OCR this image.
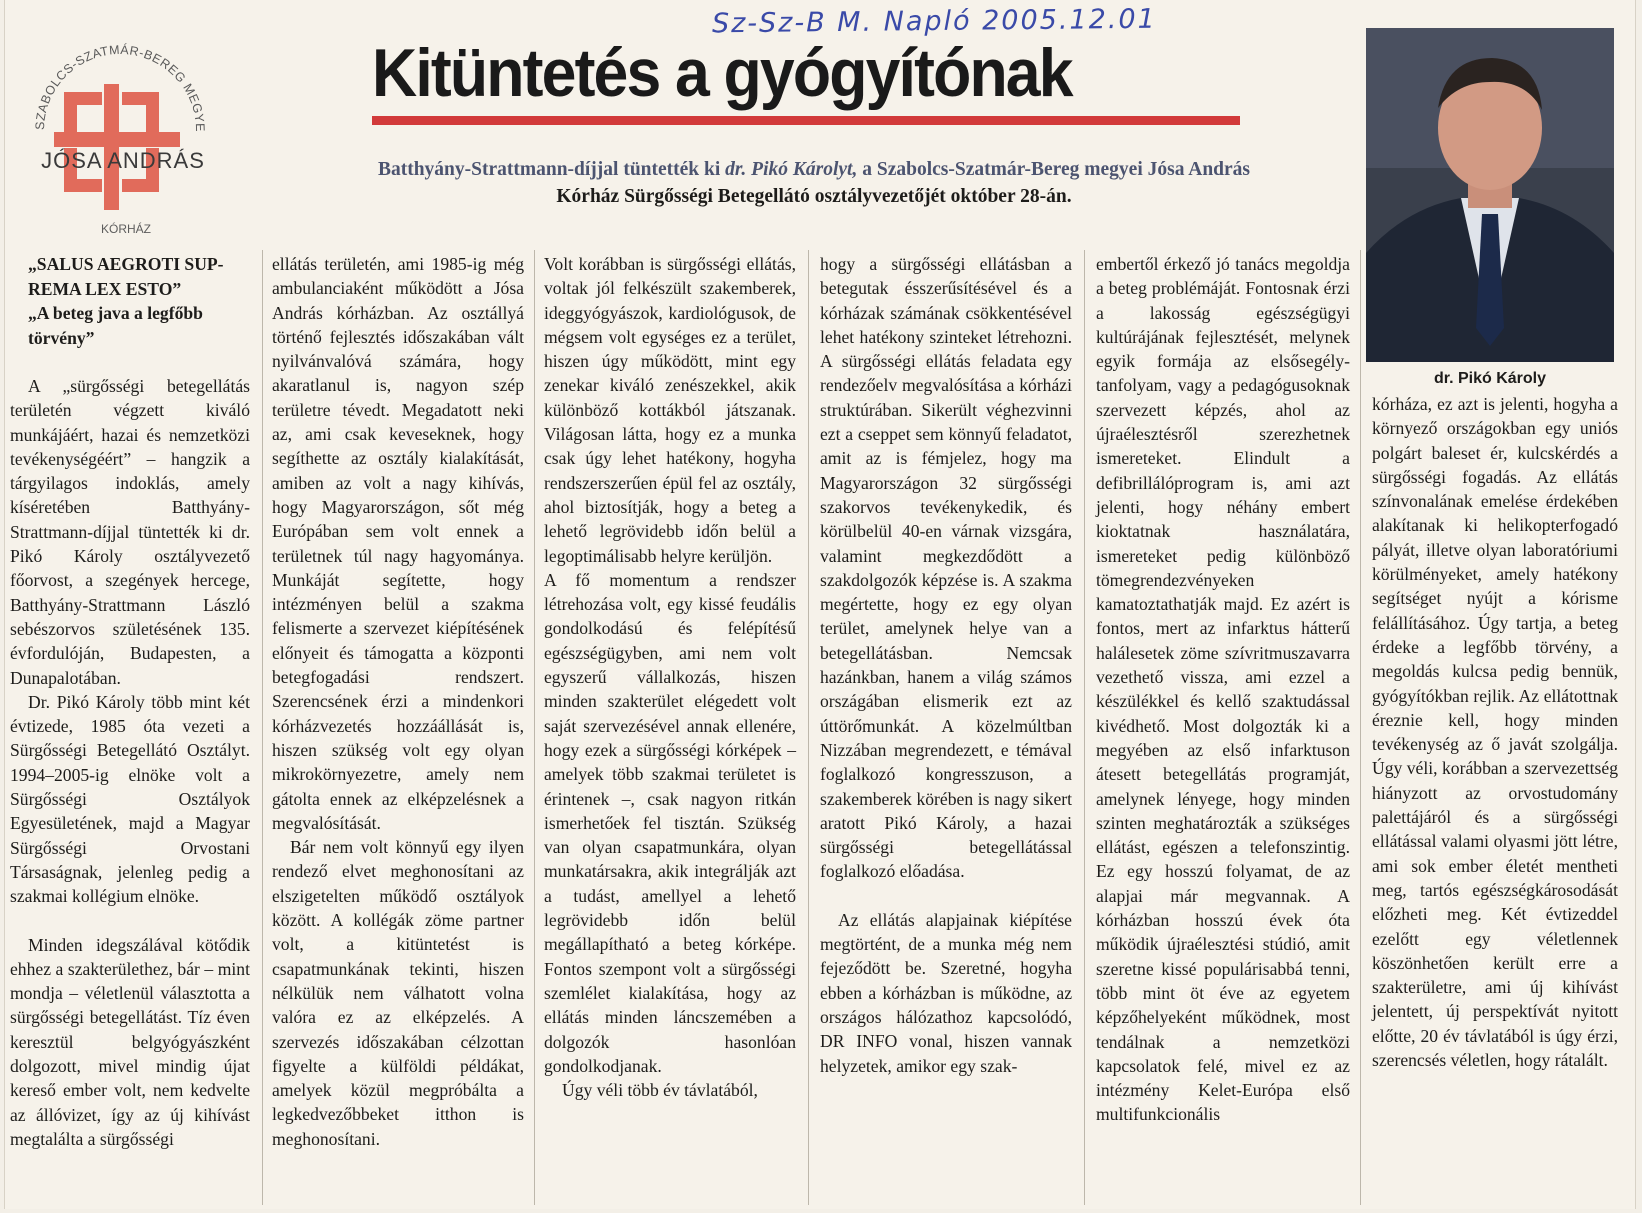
Sz-Sz-B M. Napló 2005.12.01
SZABOLCS-SZATMÁR-BEREG MEGYE
JÓSA ANDRÁS
KÓRHÁZ
Kitüntetés a gyógyítónak
Batthyány-Strattmann-díjjal tüntették ki dr. Pikó Károlyt, a Szabolcs-Szatmár-Bereg megyei Jósa András
Kórház Sürgősségi Betegellátó osztályvezetőjét október 28-án.
dr. Pikó Károly
„SALUS AEGROTI SUP-
REMA LEX ESTO”
„A beteg java a legfőbb
törvény”

A „sürgősségi betegellátás területén végzett kiváló munkájáért, hazai és nemzetközi tevékenységéért” – hangzik a tárgyilagos indoklás, amely kíséretében Batthyány-Strattmann-díjjal tüntették ki dr. Pikó Károly osztályvezető főorvost, a szegények hercege, Batthyány-Strattmann László sebészorvos születésének 135. évfordulóján, Budapesten, a Dunapalotában.

Dr. Pikó Károly több mint két évtizede, 1985 óta vezeti a Sürgősségi Betegellátó Osztályt. 1994–2005-ig elnöke volt a Sürgősségi Osztályok Egyesületének, majd a Magyar Sürgősségi Orvostani Társaságnak, jelenleg pedig a szakmai kollégium elnöke.

Minden idegszálával kötődik ehhez a szakterülethez, bár – mint mondja – véletlenül választotta a sürgősségi betegellátást. Tíz éven keresztül belgyógyászként dolgozott, mivel mindig újat kereső ember volt, nem kedvelte az állóvizet, így az új kihívást megtalálta a sürgősségi

ellátás területén, ami 1985-ig még ambulanciaként működött a Jósa András kórházban. Az osztállyá történő fejlesztés időszakában vált nyilvánvalóvá számára, hogy akaratlanul is, nagyon szép területre tévedt. Megadatott neki az, ami csak keveseknek, hogy segíthette az osztály kialakítását, amiben az volt a nagy kihívás, hogy Magyarországon, sőt még Európában sem volt ennek a területnek túl nagy hagyománya. Munkáját segítette, hogy intézményen belül a szakma felismerte a szervezet kiépítésének előnyeit és támogatta a központi betegfogadási rendszert. Szerencsének érzi a mindenkori kórházvezetés hozzáállását is, hiszen szükség volt egy olyan mikrokörnyezetre, amely nem gátolta ennek az elképzelésnek a megvalósítását.

Bár nem volt könnyű egy ilyen rendező elvet meghonosítani az elszigetelten működő osztályok között. A kollégák zöme partner volt, a kitüntetést is csapatmunkának tekinti, hiszen nélkülük nem válhatott volna valóra ez az elképzelés. A szervezés időszakában célzottan figyelte a külföldi példákat, amelyek közül megpróbálta a legkedvezőbbeket itthon is meghonosítani.

Volt korábban is sürgősségi ellátás, voltak jól felkészült szakemberek, ideggyógyászok, kardiológusok, de mégsem volt egységes ez a terület, hiszen úgy működött, mint egy zenekar kiváló zenészekkel, akik különböző kottákból játszanak. Világosan látta, hogy ez a munka csak úgy lehet hatékony, hogyha rendszerszerűen épül fel az osztály, ahol biztosítják, hogy a beteg a lehető legrövidebb időn belül a legoptimálisabb helyre kerüljön.

A fő momentum a rendszer létrehozása volt, egy kissé feudális gondolkodású és felépítésű egészségügyben, ami nem volt egyszerű vállalkozás, hiszen minden szakterület elégedett volt saját szervezésével annak ellenére, hogy ezek a sürgősségi kórképek – amelyek több szakmai területet is érintenek –, csak nagyon ritkán ismerhetőek fel tisztán. Szükség van olyan csapatmunkára, olyan munkatársakra, akik integrálják azt a tudást, amellyel a lehető legrövidebb időn belül megállapítható a beteg kórképe. Fontos szempont volt a sürgősségi szemlélet kialakítása, hogy az ellátás minden láncszemében a dolgozók hasonlóan gondolkodjanak.

Úgy véli több év távlatából,

hogy a sürgősségi ellátásban a betegutak ésszerűsítésével és a kórházak számának csökkentésével lehet hatékony szinteket létrehozni. A sürgősségi ellátás feladata egy rendezőelv megvalósítása a kórházi struktúrában. Sikerült véghezvinni ezt a cseppet sem könnyű feladatot, amit az is fémjelez, hogy ma Magyarországon 32 sürgősségi szakorvos tevékenykedik, és körülbelül 40-en várnak vizsgára, valamint megkezdődött a szakdolgozók képzése is. A szakma megértette, hogy ez egy olyan terület, amelynek helye van a betegellátásban. Nemcsak hazánkban, hanem a világ számos országában elismerik ezt az úttörőmunkát. A közelmúltban Nizzában megrendezett, e témával foglalkozó kongresszuson, a szakemberek körében is nagy sikert aratott Pikó Károly, a hazai sürgősségi betegellátással foglalkozó előadása.

Az ellátás alapjainak kiépítése megtörtént, de a munka még nem fejeződött be. Szeretné, hogyha ebben a kórházban is működne, az országos hálózathoz kapcsolódó, DR INFO vonal, hiszen vannak helyzetek, amikor egy szak-

embertől érkező jó tanács megoldja a beteg problémáját. Fontosnak érzi a lakosság egészségügyi kultúrájának fejlesztését, melynek egyik formája az elsősegély-tanfolyam, vagy a pedagógusoknak szervezett képzés, ahol az újraélesztésről szerezhetnek ismereteket. Elindult a defibrillálóprogram is, ami azt jelenti, hogy néhány embert kioktatnak használatára, ismereteket pedig különböző tömegrendezvényeken kamatoztathatják majd. Ez azért is fontos, mert az infarktus hátterű halálesetek zöme szívritmuszavarra vezethető vissza, ami ezzel a készülékkel és kellő szaktudással kivédhető. Most dolgozták ki a megyében az első infarktuson átesett betegellátás programját, amelynek lényege, hogy minden szinten meghatározták a szükséges ellátást, egészen a telefonszintig. Ez egy hosszú folyamat, de az alapjai már megvannak. A kórházban hosszú évek óta működik újraélesztési stúdió, amit szeretne kissé populárisabbá tenni, több mint öt éve az egyetem képzőhelyeként működnek, most tendálnak a nemzetközi kapcsolatok felé, mivel ez az intézmény Kelet-Európa első multifunkcionális

kórháza, ez azt is jelenti, hogyha a környező országokban egy uniós polgárt baleset ér, kulcskérdés a sürgősségi fogadás. Az ellátás színvonalának emelése érdekében alakítanak ki helikopterfogadó pályát, illetve olyan laboratóriumi körülményeket, amely hatékony segítséget nyújt a kórisme felállításához. Úgy tartja, a beteg érdeke a legfőbb törvény, a megoldás kulcsa pedig bennük, gyógyítókban rejlik. Az ellátottnak éreznie kell, hogy minden tevékenység az ő javát szolgálja. Úgy véli, korábban a szervezettség hiányzott az orvostudomány palettájáról és a sürgősségi ellátással valami olyasmi jött létre, ami sok ember életét mentheti meg, tartós egészségkárosodását előzheti meg. Két évtizeddel ezelőtt egy véletlennek köszönhetően került erre a szakterületre, ami új kihívást jelentett, új perspektívát nyitott előtte, 20 év távlatából is úgy érzi, szerencsés véletlen, hogy rátalált.
